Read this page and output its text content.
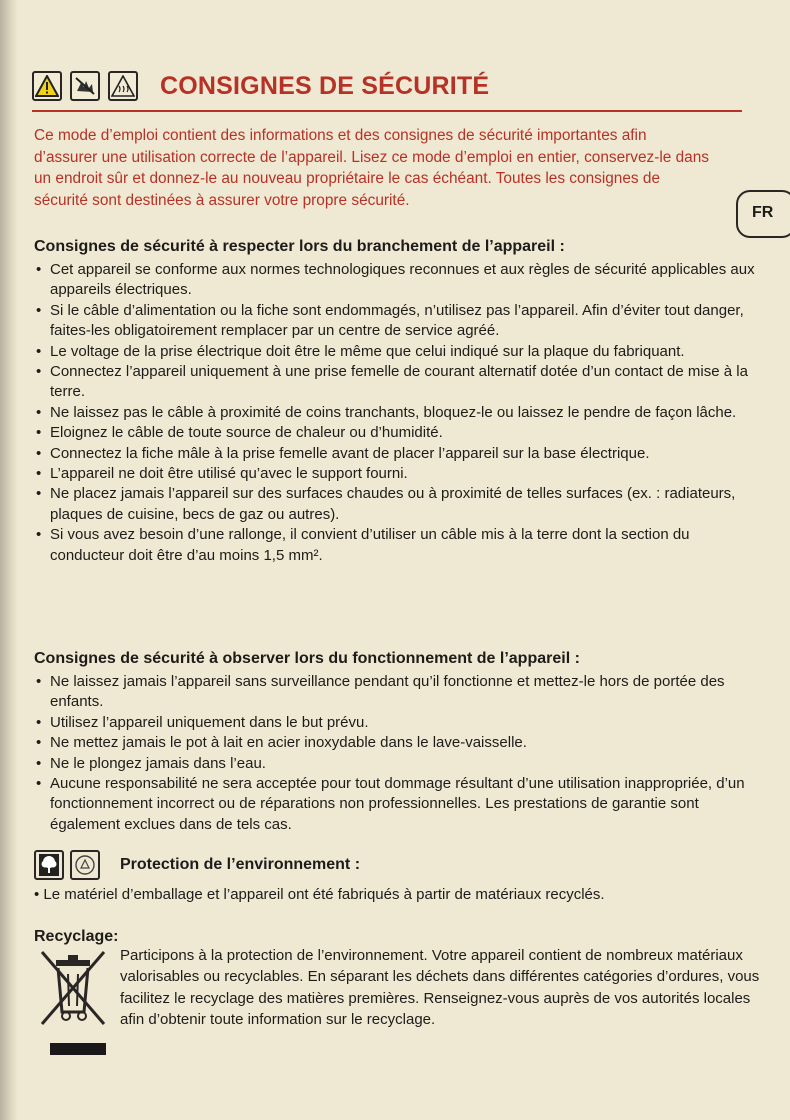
CONSIGNES DE SÉCURITÉ
Ce mode d’emploi contient des informations et des consignes de sécurité importantes afin d’assurer une utilisation correcte de l’appareil. Lisez ce mode d’emploi en entier, conservez-le dans un endroit sûr et donnez-le au nouveau propriétaire le cas échéant. Toutes les consignes de sécurité sont destinées à assurer votre propre sécurité.
FR
Consignes de sécurité à respecter lors du branchement de l’appareil :
• Cet appareil se conforme aux normes technologiques reconnues et aux règles de sécurité applicables aux appareils électriques.
• Si le câble d’alimentation ou la fiche sont endommagés, n’utilisez pas l’appareil. Afin d’éviter tout danger, faites-les obligatoirement remplacer par un centre de service agréé.
• Le voltage de la prise électrique doit être le même que celui indiqué sur la plaque du fabriquant.
• Connectez l’appareil uniquement à une prise femelle de courant alternatif dotée d’un contact de mise à la terre.
• Ne laissez pas le câble à proximité de coins tranchants, bloquez-le ou laissez le pendre de façon lâche.
• Eloignez le câble de toute source de chaleur ou d’humidité.
• Connectez la fiche mâle à la prise femelle avant de placer l’appareil sur la base électrique.
• L’appareil ne doit être utilisé qu’avec le support fourni.
• Ne placez jamais l’appareil sur des surfaces chaudes ou à proximité de telles surfaces (ex. : radiateurs, plaques de cuisine, becs de gaz ou autres).
• Si vous avez besoin d’une rallonge, il convient d’utiliser un câble mis à la terre dont la section du conducteur doit être d’au moins 1,5 mm².
Consignes de sécurité à observer lors du fonctionnement de l’appareil :
• Ne laissez jamais l’appareil sans surveillance pendant qu’il fonctionne et mettez-le hors de portée des enfants.
• Utilisez l’appareil uniquement dans le but prévu.
• Ne mettez jamais le pot à lait en acier inoxydable dans le lave-vaisselle.
• Ne le plongez jamais dans l’eau.
• Aucune responsabilité ne sera acceptée pour tout dommage résultant d’une utilisation inappropriée, d’un fonctionnement incorrect ou de réparations non professionnelles. Les prestations de garantie sont également exclues dans de tels cas.
Protection de l’environnement :
• Le matériel d’emballage et l’appareil ont été fabriqués à partir de matériaux recyclés.
Recyclage:
Participons à la protection de l’environnement. Votre appareil contient de nombreux matériaux valorisables ou recyclables. En séparant les déchets dans différentes catégories d’ordures, vous facilitez le recyclage des matières premières. Renseignez-vous auprès de vos autorités locales afin d’obtenir toute information sur le recyclage.
